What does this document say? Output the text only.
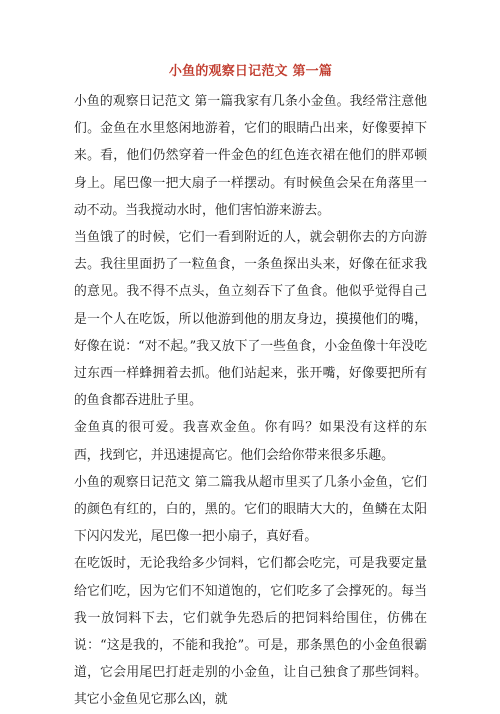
小鱼的观察日记范文 第一篇

小鱼的观察日记范文 第一篇我家有几条小金鱼。我经常注意他们。金鱼在水里悠闲地游着，它们的眼睛凸出来，好像要掉下来。看，他们仍然穿着一件金色的红色连衣裙在他们的胖邓顿身上。尾巴像一把大扇子一样摆动。有时候鱼会呆在角落里一动不动。当我搅动水时，他们害怕游来游去。

当鱼饿了的时候，它们一看到附近的人，就会朝你去的方向游去。我往里面扔了一粒鱼食，一条鱼探出头来，好像在征求我的意见。我不得不点头，鱼立刻吞下了鱼食。他似乎觉得自己是一个人在吃饭，所以他游到他的朋友身边，摸摸他们的嘴，好像在说：“对不起。”我又放下了一些鱼食，小金鱼像十年没吃过东西一样蜂拥着去抓。他们站起来，张开嘴，好像要把所有的鱼食都吞进肚子里。

金鱼真的很可爱。我喜欢金鱼。你有吗？如果没有这样的东西，找到它，并迅速提高它。他们会给你带来很多乐趣。

小鱼的观察日记范文 第二篇我从超市里买了几条小金鱼，它们的颜色有红的，白的，黑的。它们的眼睛大大的，鱼鳞在太阳下闪闪发光，尾巴像一把小扇子，真好看。

在吃饭时，无论我给多少饲料，它们都会吃完，可是我要定量给它们吃，因为它们不知道饱的，它们吃多了会撑死的。每当我一放饲料下去，它们就争先恐后的把饲料给围住，仿佛在说：“这是我的，不能和我抢”。可是，那条黑色的小金鱼很霸道，它会用尾巴打赶走别的小金鱼，让自己独食了那些饲料。其它小金鱼见它那么凶，就
